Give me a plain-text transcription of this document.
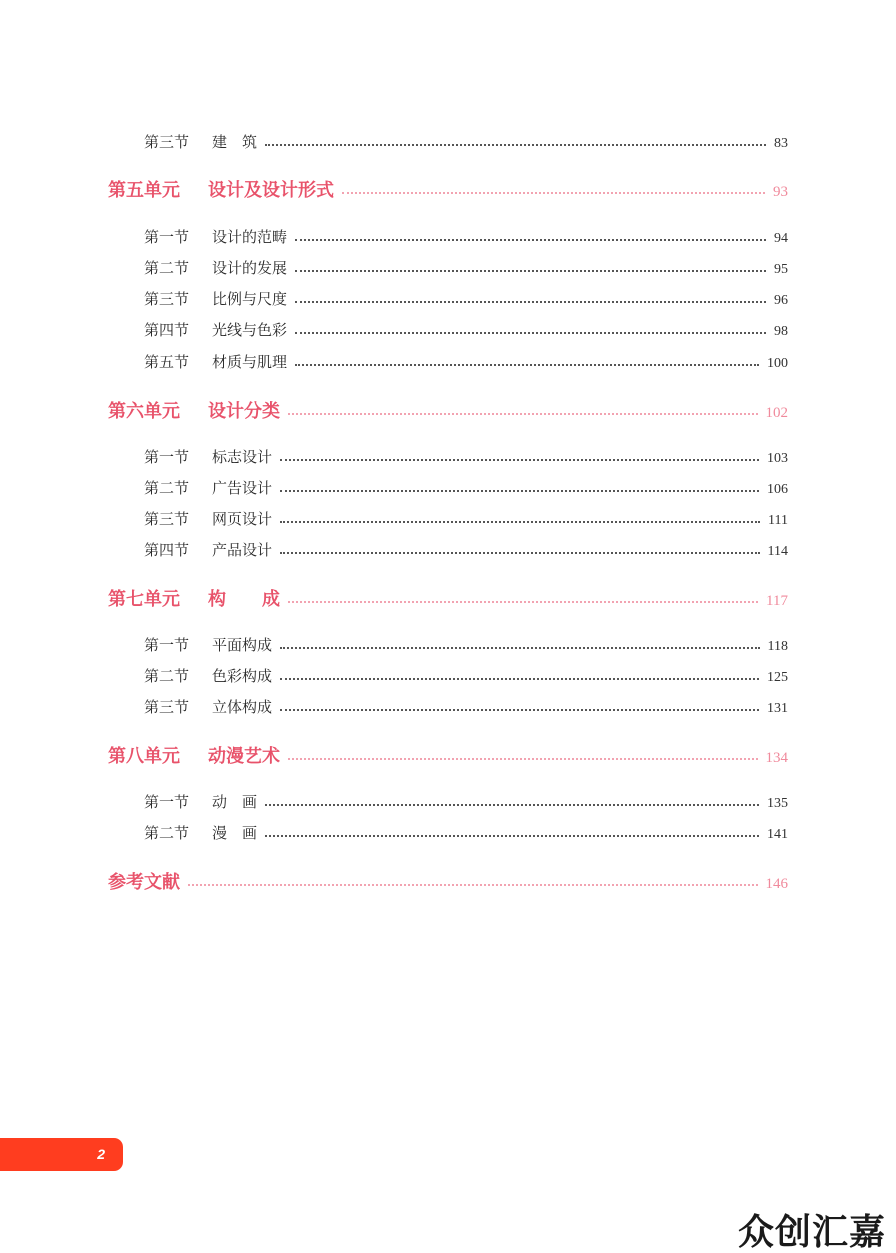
第三节	建　筑	83
第五单元	设计及设计形式	93
第一节	设计的范畴	94
第二节	设计的发展	95
第三节	比例与尺度	96
第四节	光线与色彩	98
第五节	材质与肌理	100
第六单元	设计分类	102
第一节	标志设计	103
第二节	广告设计	106
第三节	网页设计	111
第四节	产品设计	114
第七单元	构　　成	117
第一节	平面构成	118
第二节	色彩构成	125
第三节	立体构成	131
第八单元	动漫艺术	134
第一节	动　画	135
第二节	漫　画	141
参考文献	146
2
众创汇嘉
